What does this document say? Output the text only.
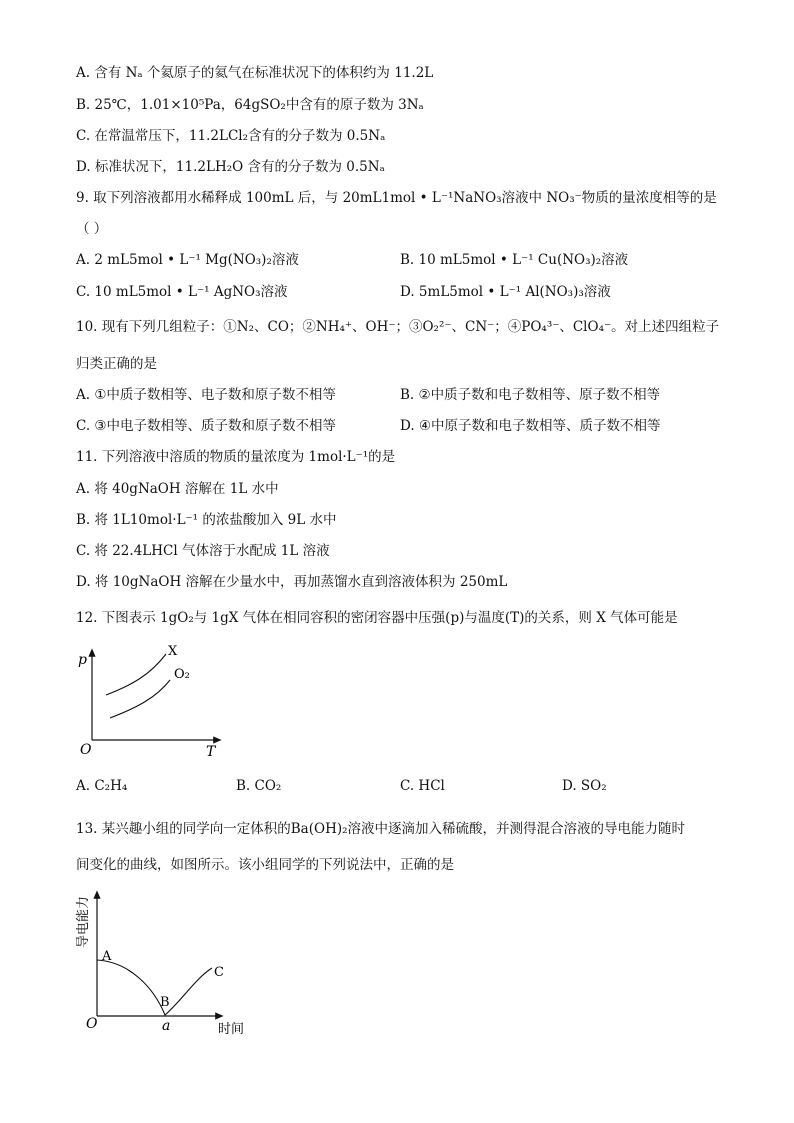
A. 含有 Nₐ 个氦原子的氦气在标准状况下的体积约为 11.2L
B. 25℃，1.01×10⁵Pa，64gSO₂中含有的原子数为 3Nₐ
C. 在常温常压下，11.2LCl₂含有的分子数为 0.5Nₐ
D. 标准状况下，11.2LH₂O 含有的分子数为 0.5Nₐ
9. 取下列溶液都用水稀释成 100mL 后，与 20mL1mol • L⁻¹NaNO₃溶液中 NO₃⁻物质的量浓度相等的是
（ ）
A. 2 mL5mol • L⁻¹ Mg(NO₃)₂溶液	B. 10 mL5mol • L⁻¹ Cu(NO₃)₂溶液
C. 10 mL5mol • L⁻¹ AgNO₃溶液	D. 5mL5mol • L⁻¹ Al(NO₃)₃溶液
10. 现有下列几组粒子：①N₂、CO；②NH₄⁺、OH⁻；③O₂²⁻、CN⁻；④PO₄³⁻、ClO₄⁻。对上述四组粒子
归类正确的是
A. ①中质子数相等、电子数和原子数不相等	B. ②中质子数和电子数相等、原子数不相等
C. ③中电子数相等、质子数和原子数不相等	D. ④中原子数和电子数相等、质子数不相等
11. 下列溶液中溶质的物质的量浓度为 1mol·L⁻¹的是
A. 将 40gNaOH 溶解在 1L 水中
B. 将 1L10mol·L⁻¹ 的浓盐酸加入 9L 水中
C. 将 22.4LHCl 气体溶于水配成 1L 溶液
D. 将 10gNaOH 溶解在少量水中，再加蒸馏水直到溶液体积为 250mL
12. 下图表示 1gO₂与 1gX 气体在相同容积的密闭容器中压强(p)与温度(T)的关系，则 X 气体可能是
p
T
O
X
O₂
A. C₂H₄	B. CO₂	C. HCl	D. SO₂
13. 某兴趣小组的同学向一定体积的Ba(OH)₂溶液中逐滴加入稀硫酸，并测得混合溶液的导电能力随时
间变化的曲线，如图所示。该小组同学的下列说法中，正确的是
导电能力
时间
O
A
B
C
a
